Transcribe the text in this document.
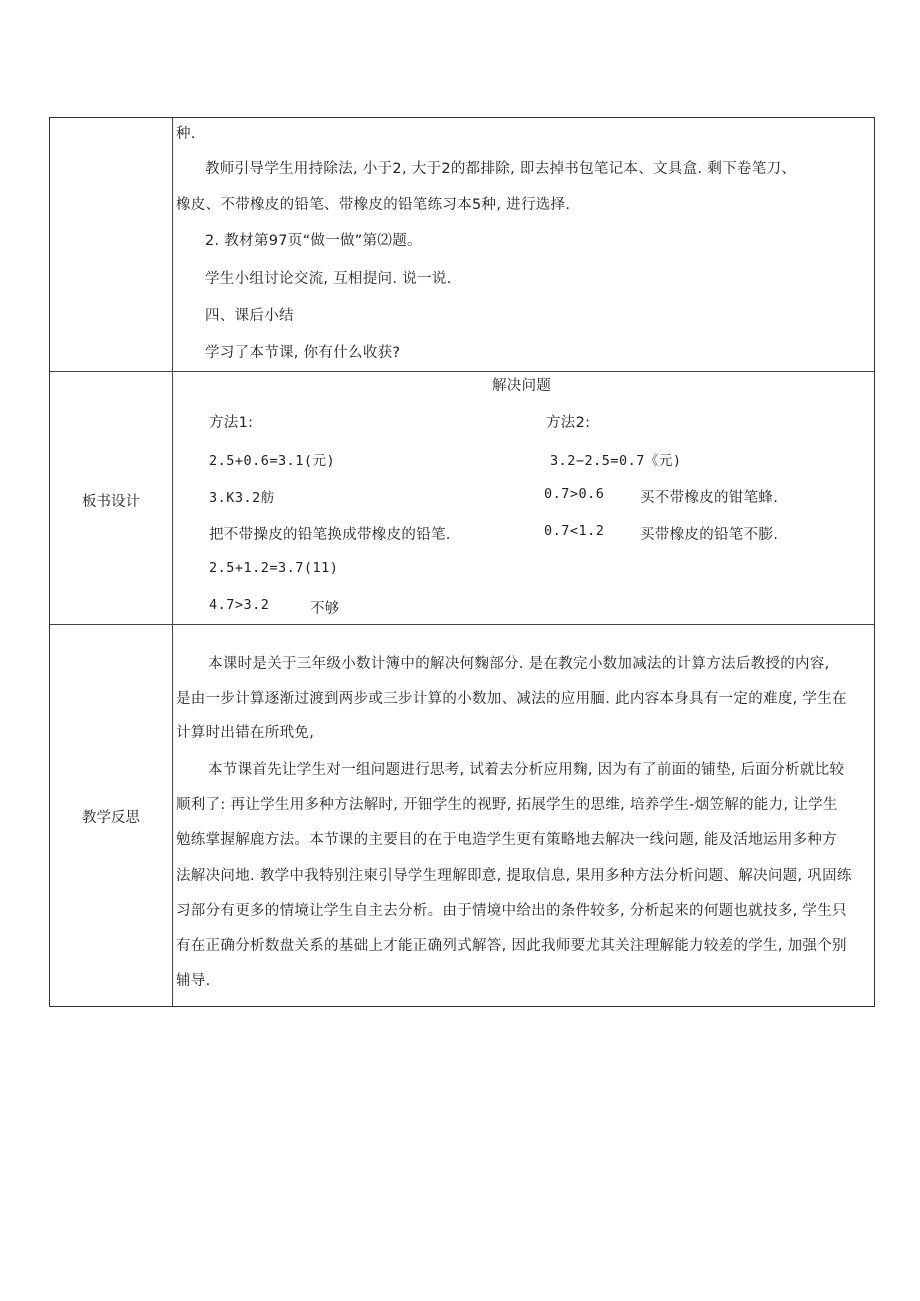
种.
教师引导学生用持除法, 小于2, 大于2的都排除, 即去掉书包笔记本、文具盒. 剩下卷笔刀、
橡皮、不带橡皮的铅笔、带橡皮的铅笔练习本5种, 进行选择.
2. 教材第97页“做一做”第⑵题。
学生小组讨论交流, 互相提问. 说一说.
四、课后小结
学习了本节课, 你有什么收获?
板书设计
解决问题
方法1:	方法2:
2.5+0.6=3.1(元)	3.2−2.5=0.7《元)
3.K3.2舫	0.7>0.6 买不带橡皮的钳笔蜂.
把不带操皮的铅笔换成带橡皮的铅笔.	0.7<1.2 买带橡皮的铅笔不膨.
2.5+1.2=3.7(11)
4.7>3.2	不够
教学反思
本课时是关于三年级小数计簿中的解决何麴部分. 是在教完小数加减法的计算方法后教授的内容,
是由一步计算逐渐过渡到两步或三步计算的小数加、减法的应用腼. 此内容本身具有一定的难度, 学生在
计算时出错在所玳免,
本节课首先让学生对一组问题进行思考, 试着去分析应用麴, 因为有了前面的铺垫, 后面分析就比较
顺利了: 再让学生用多种方法解时, 开钿学生的视野, 拓展学生的思维, 培养学生-烟笠解的能力, 让学生
勉练掌握解鹿方法。本节课的主要目的在于电造学生更有策略地去解决一线问题, 能及活地运用多种方
法解决问地. 教学中我特别注柬引导学生理解即意, 提取信息, 果用多种方法分析问题、解决问题, 巩固练
习部分有更多的情境让学生自主去分析。由于情境中给出的条件较多, 分析起来的何题也就技多, 学生只
有在正确分析数盘关系的基础上才能正确列式解答, 因此我师要尤其关注理解能力较差的学生, 加强个别
辅导.
